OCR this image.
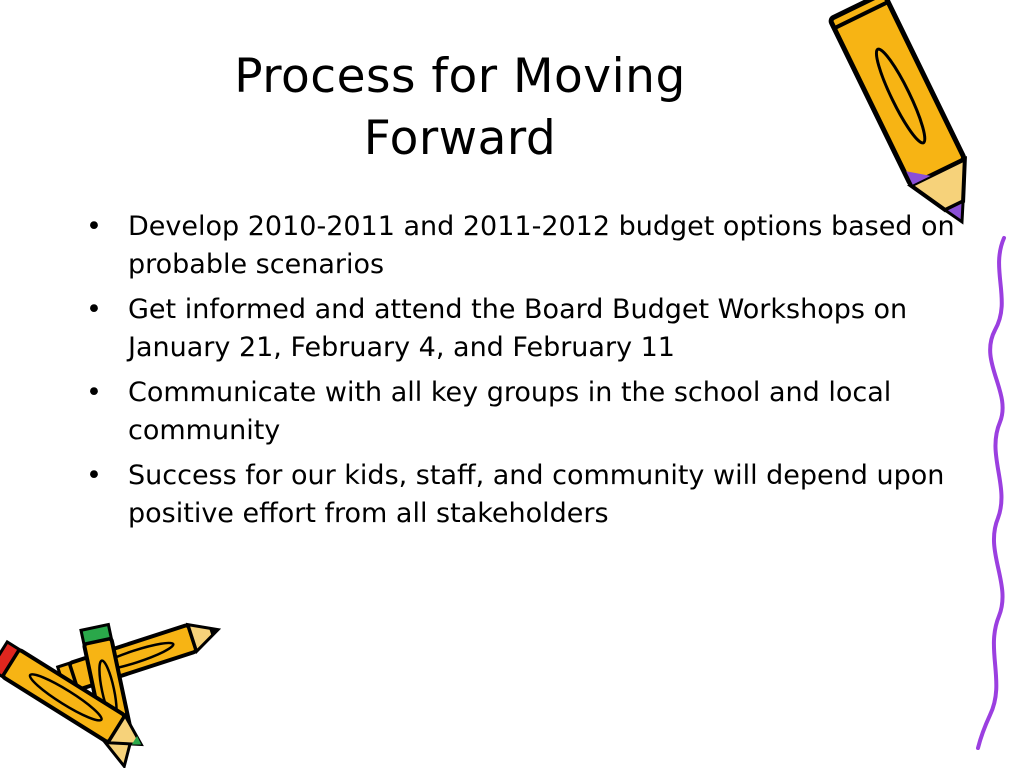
Process for Moving
Forward
• Develop 2010-2011 and 2011-2012 budget options based on probable scenarios
• Get informed and attend the Board Budget Workshops on January 21, February 4, and February 11
• Communicate with all key groups in the school and local community
• Success for our kids, staff, and community will depend upon positive effort from all stakeholders
